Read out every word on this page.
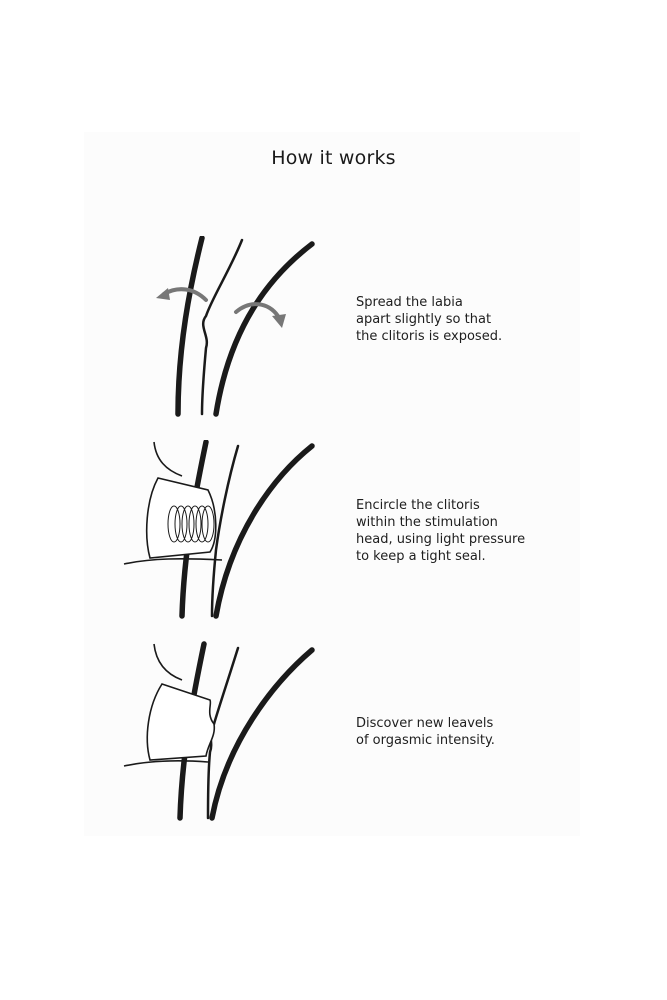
How it works
Spread the labia
apart slightly so that
the clitoris is exposed.
Encircle the clitoris
within the stimulation
head, using light pressure
to keep a tight seal.
Discover new leavels
of orgasmic intensity.
